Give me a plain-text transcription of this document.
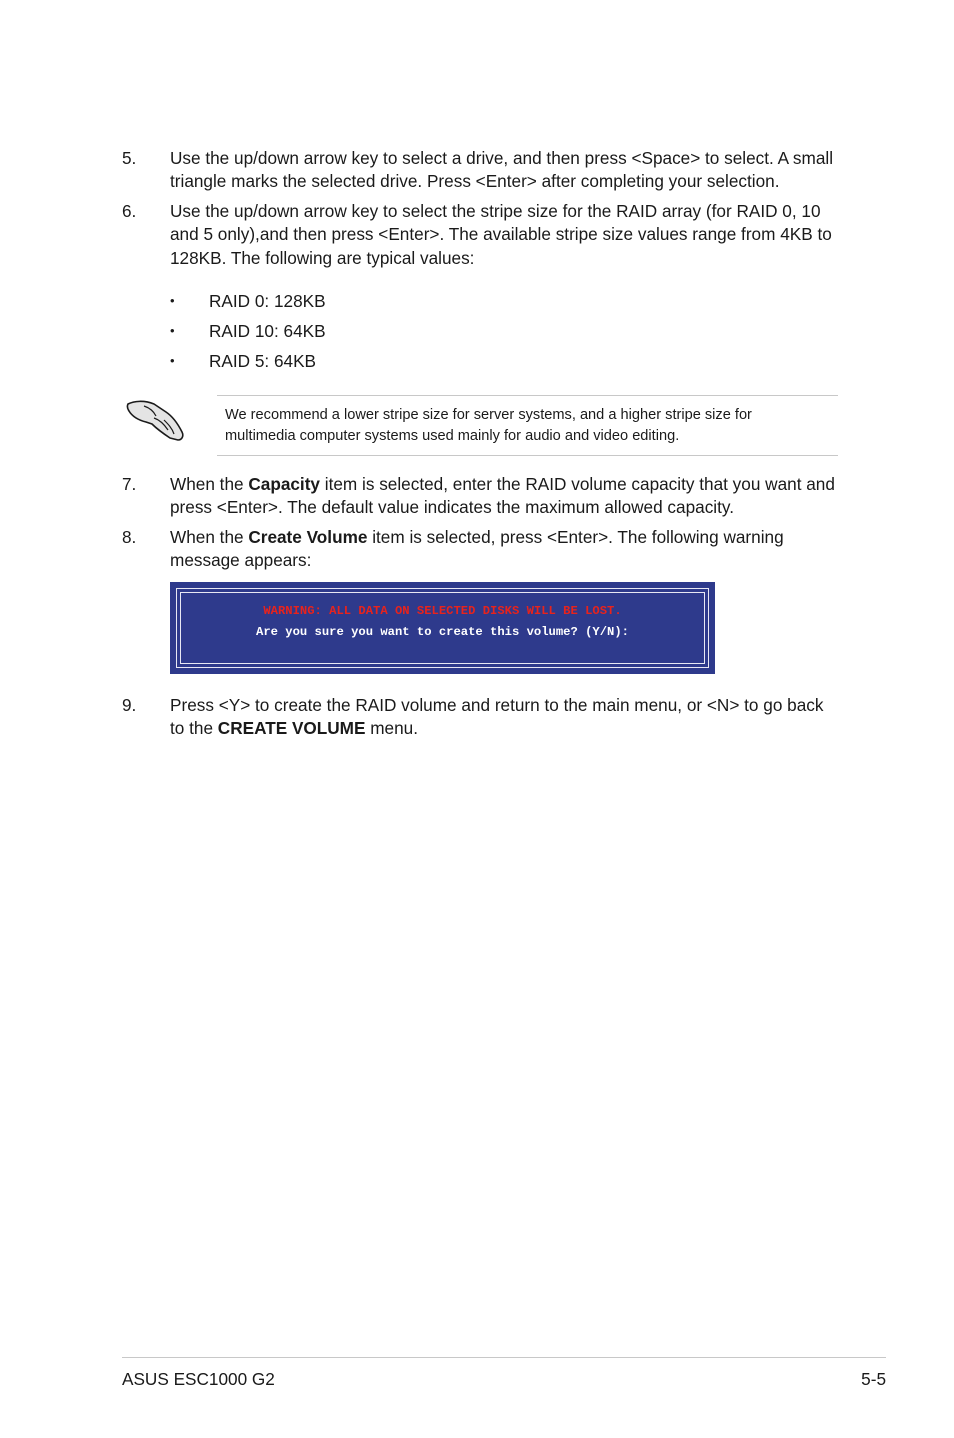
5.	Use the up/down arrow key to select a drive, and then press <Space> to select. A small triangle marks the selected drive. Press <Enter> after completing your selection.
6.	Use the up/down arrow key to select the stripe size for the RAID array (for RAID 0, 10 and 5 only),and then press <Enter>. The available stripe size values range from 4KB to 128KB. The following are typical values:
• RAID 0: 128KB
• RAID 10: 64KB
• RAID 5: 64KB
We recommend a lower stripe size for server systems, and a higher stripe size for multimedia computer systems used mainly for audio and video editing.
7.	When the Capacity item is selected, enter the RAID volume capacity that you want and press <Enter>. The default value indicates the maximum allowed capacity.
8.	When the Create Volume item is selected, press <Enter>. The following warning message appears:
WARNING: ALL DATA ON SELECTED DISKS WILL BE LOST.
Are you sure you want to create this volume? (Y/N):
9.	Press <Y> to create the RAID volume and return to the main menu, or <N> to go back to the CREATE VOLUME menu.
ASUS ESC1000 G2	5-5
